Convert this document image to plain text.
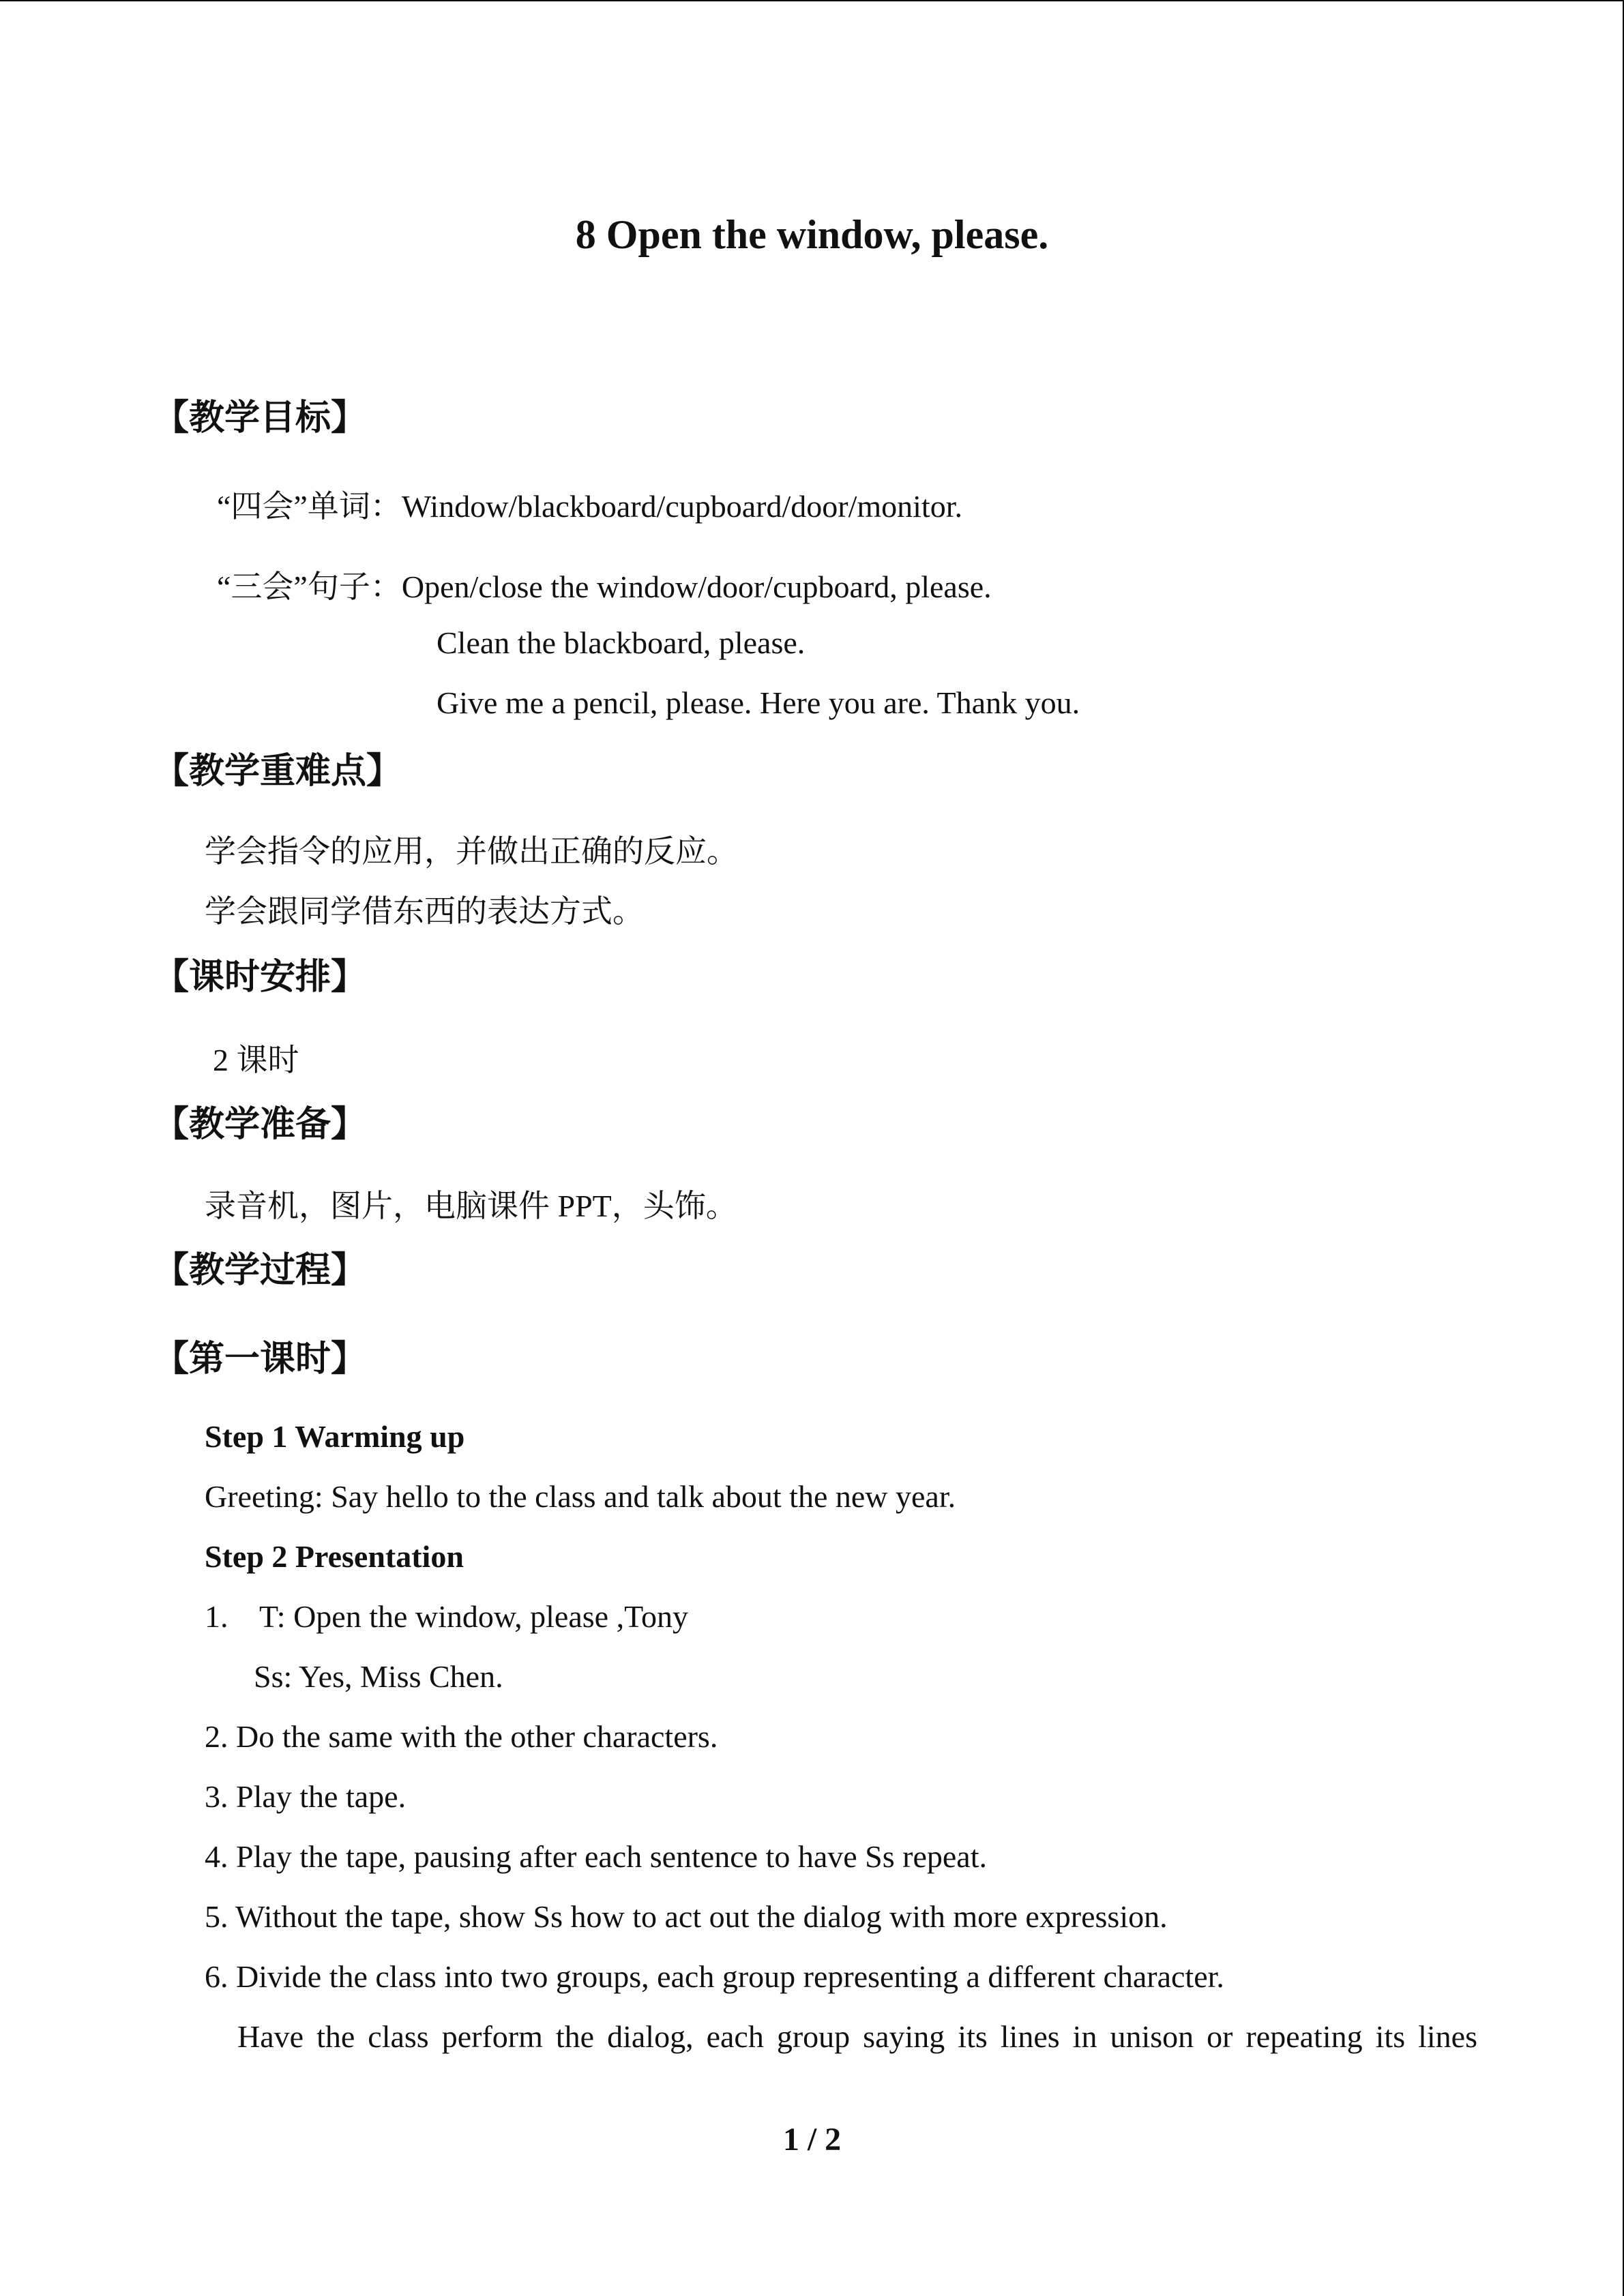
8 Open the window, please.
【教学目标】
“四会”单词：Window/blackboard/cupboard/door/monitor.
“三会”句子：Open/close the window/door/cupboard, please.
Clean the blackboard, please.
Give me a pencil, please. Here you are. Thank you.
【教学重难点】
学会指令的应用，并做出正确的反应。
学会跟同学借东西的表达方式。
【课时安排】
2 课时
【教学准备】
录音机，图片，电脑课件 PPT，头饰。
【教学过程】
【第一课时】
Step 1 Warming up
Greeting: Say hello to the class and talk about the new year.
Step 2 Presentation
1. T: Open the window, please ,Tony
Ss: Yes, Miss Chen.
2. Do the same with the other characters.
3. Play the tape.
4. Play the tape, pausing after each sentence to have Ss repeat.
5. Without the tape, show Ss how to act out the dialog with more expression.
6. Divide the class into two groups, each group representing a different character.
Have the class perform the dialog, each group saying its lines in unison or repeating its lines
1 / 2
